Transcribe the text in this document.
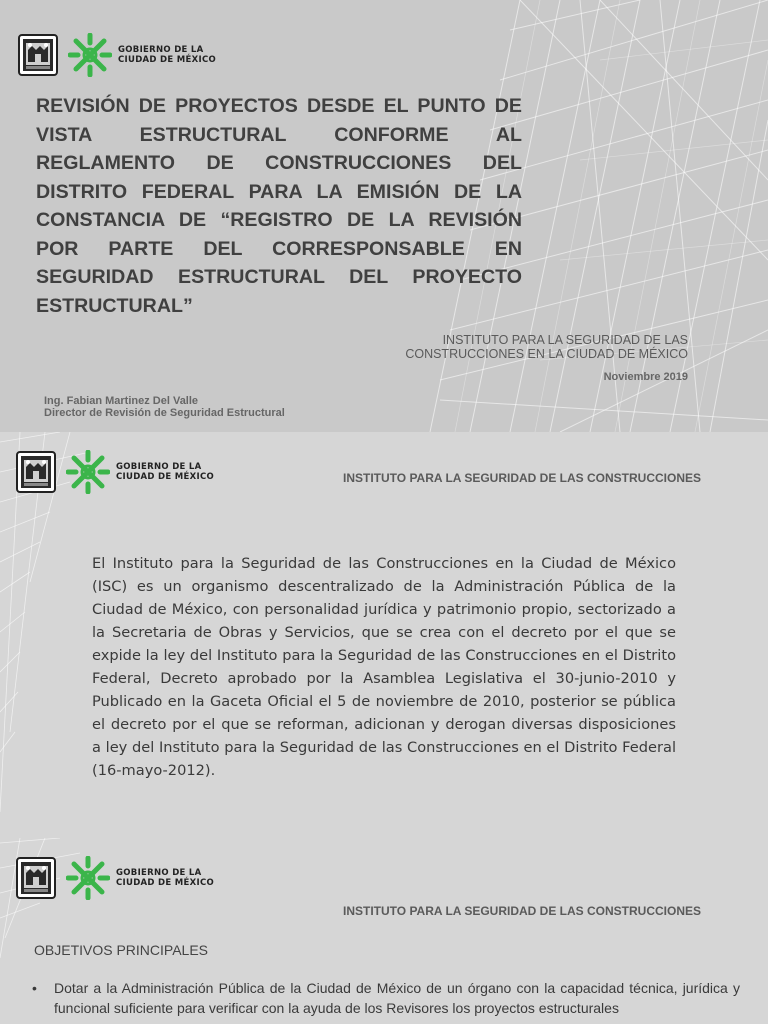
GOBIERNO DE LA
CIUDAD DE MÉXICO
REVISIÓN DE PROYECTOS DESDE EL PUNTO DE VISTA ESTRUCTURAL CONFORME AL REGLAMENTO DE CONSTRUCCIONES DEL DISTRITO FEDERAL PARA LA EMISIÓN DE LA CONSTANCIA DE “REGISTRO DE LA REVISIÓN POR PARTE DEL CORRESPONSABLE EN SEGURIDAD ESTRUCTURAL DEL PROYECTO ESTRUCTURAL”
INSTITUTO PARA LA SEGURIDAD DE LAS
CONSTRUCCIONES EN LA CIUDAD DE MÉXICO
Noviembre 2019
Ing. Fabian Martinez Del Valle
Director de Revisión de Seguridad Estructural
GOBIERNO DE LA
CIUDAD DE MÉXICO	INSTITUTO PARA LA SEGURIDAD DE LAS CONSTRUCCIONES

El Instituto para la Seguridad de las Construcciones en la Ciudad de México (ISC) es un organismo descentralizado de la Administración Pública de la Ciudad de México, con personalidad jurídica y patrimonio propio, sectorizado a la Secretaria de Obras y Servicios, que se crea con el decreto por el que se expide la ley del Instituto para la Seguridad de las Construcciones en el Distrito Federal, Decreto aprobado por la Asamblea Legislativa el 30-junio-2010 y Publicado en la Gaceta Oficial el 5 de noviembre de 2010, posterior se pública el decreto por el que se reforman, adicionan y derogan diversas disposiciones a ley del Instituto para la Seguridad de las Construcciones en el Distrito Federal (16-mayo-2012).

GOBIERNO DE LA
CIUDAD DE MÉXICO
INSTITUTO PARA LA SEGURIDAD DE LAS CONSTRUCCIONES
OBJETIVOS PRINCIPALES
•	Dotar a la Administración Pública de la Ciudad de México de un órgano con la capacidad técnica, jurídica y funcional suficiente para verificar con la ayuda de los Revisores los proyectos estructurales
